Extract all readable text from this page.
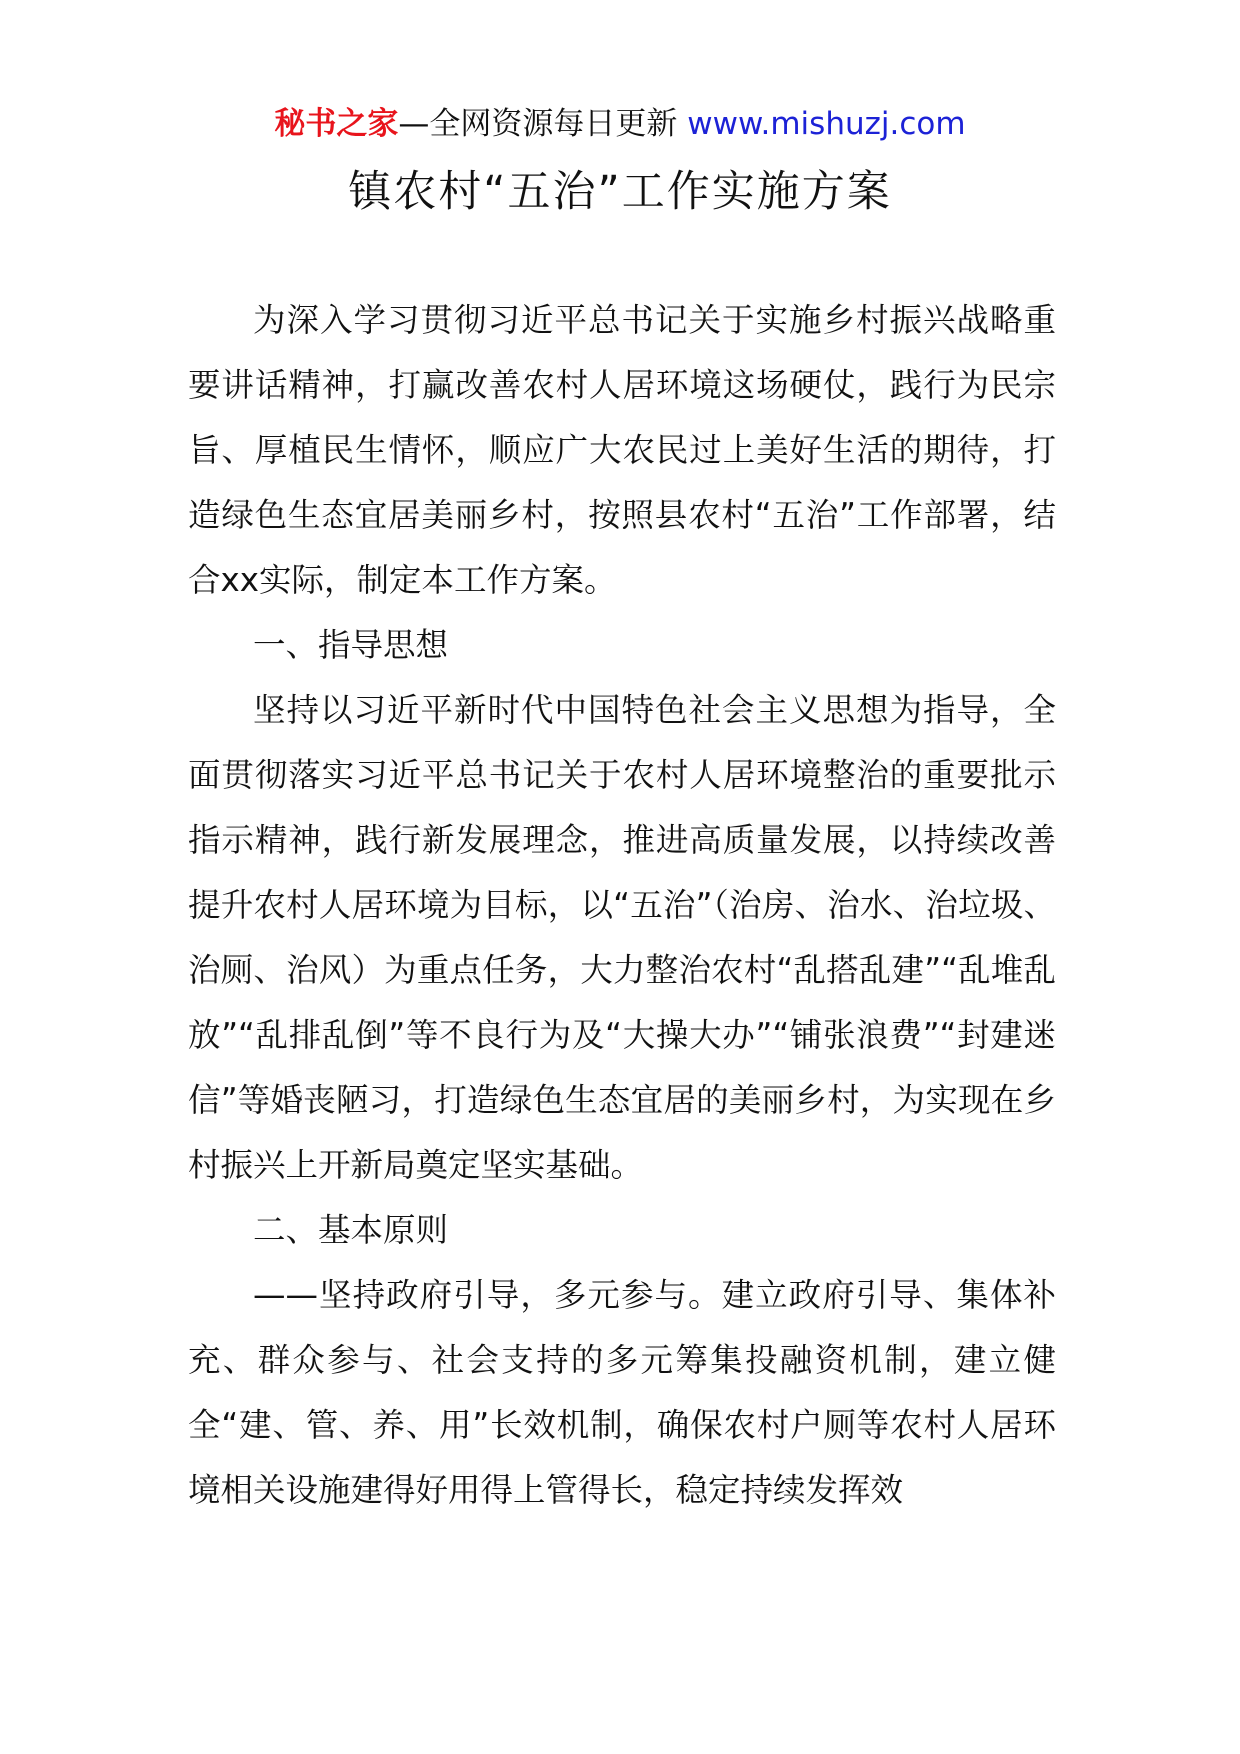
秘书之家—全网资源每日更新 www.mishuzj.com
镇农村“五治”工作实施方案

为深入学习贯彻习近平总书记关于实施乡村振兴战略重要讲话精神，打赢改善农村人居环境这场硬仗，践行为民宗旨、厚植民生情怀，顺应广大农民过上美好生活的期待，打造绿色生态宜居美丽乡村，按照县农村“五治”工作部署，结合xx实际，制定本工作方案。

一、指导思想

坚持以习近平新时代中国特色社会主义思想为指导，全面贯彻落实习近平总书记关于农村人居环境整治的重要批示指示精神，践行新发展理念，推进高质量发展，以持续改善提升农村人居环境为目标，以“五治”（治房、治水、治垃圾、治厕、治风）为重点任务，大力整治农村“乱搭乱建”“乱堆乱放”“乱排乱倒”等不良行为及“大操大办”“铺张浪费”“封建迷信”等婚丧陋习，打造绿色生态宜居的美丽乡村，为实现在乡村振兴上开新局奠定坚实基础。

二、基本原则

——坚持政府引导，多元参与。建立政府引导、集体补充、群众参与、社会支持的多元筹集投融资机制，建立健全“建、管、养、用”长效机制，确保农村户厕等农村人居环境相关设施建得好用得上管得长，稳定持续发挥效
